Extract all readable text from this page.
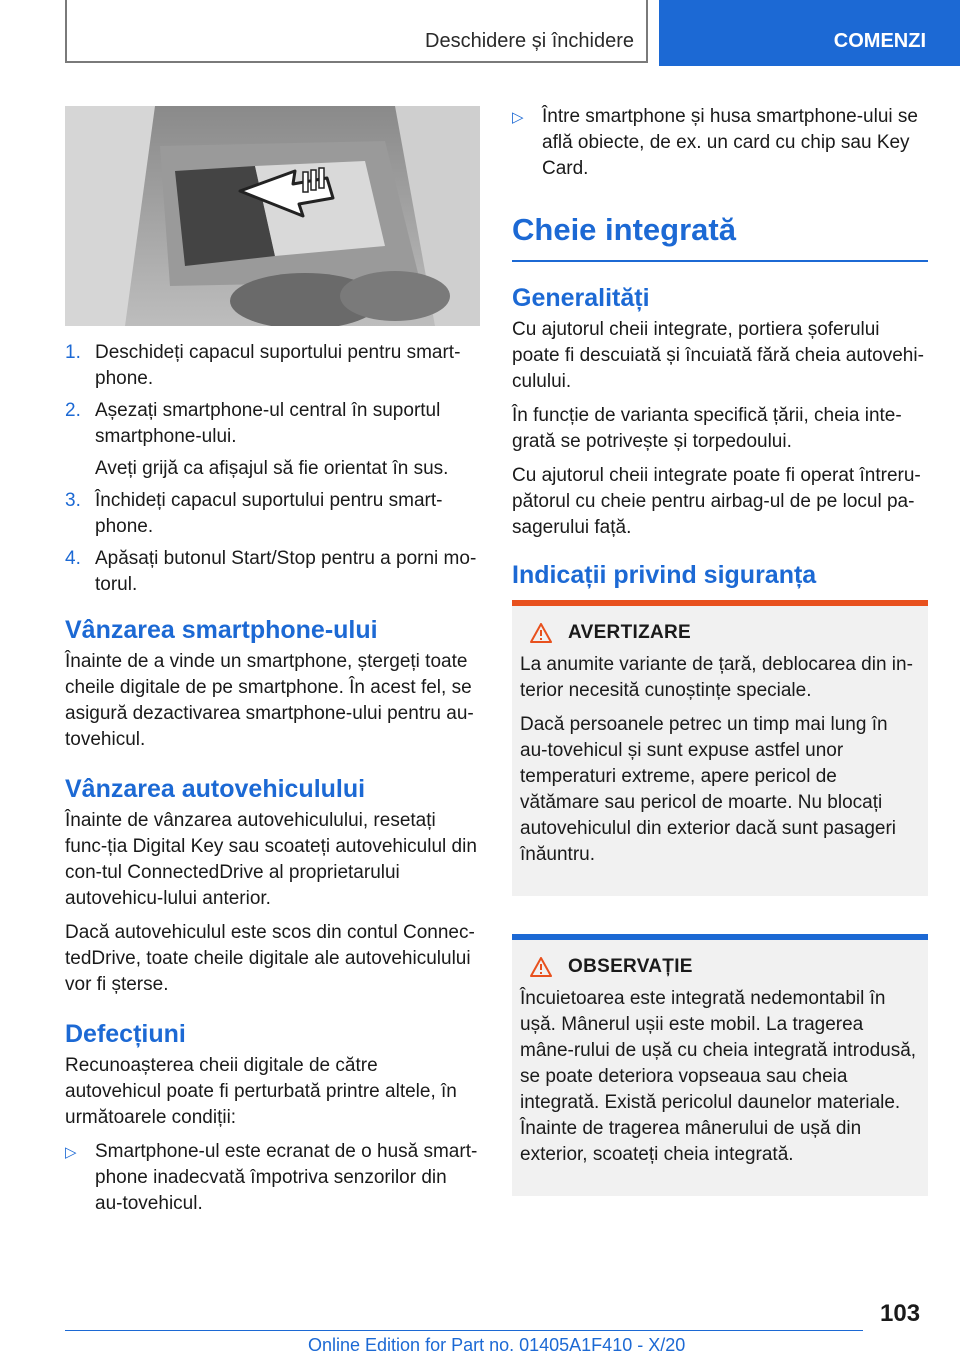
Deschidere și închidere	COMENZI
1. Deschideți capacul suportului pentru smart-phone.
2. Așezați smartphone-ul central în suportul smartphone-ului.
Aveți grijă ca afișajul să fie orientat în sus.
3. Închideți capacul suportului pentru smart-phone.
4. Apăsați butonul Start/Stop pentru a porni mo-torul.
Vânzarea smartphone-ului

Înainte de a vinde un smartphone, ștergeți toate cheile digitale de pe smartphone. În acest fel, se asigură dezactivarea smartphone-ului pentru au-tovehicul.

Vânzarea autovehiculului

Înainte de vânzarea autovehiculului, resetați func-ția Digital Key sau scoateți autovehiculul din con-tul ConnectedDrive al proprietarului autovehicu-lului anterior.

Dacă autovehiculul este scos din contul Connec-tedDrive, toate cheile digitale ale autovehiculului vor fi șterse.

Defecțiuni

Recunoașterea cheii digitale de către autovehicul poate fi perturbată printre altele, în următoarele condiții:

▷ Smartphone-ul este ecranat de o husă smart-phone inadecvată împotriva senzorilor din au-tovehicul.
▷ Între smartphone și husa smartphone-ului se află obiecte, de ex. un card cu chip sau Key Card.
Cheie integrată
Generalități

Cu ajutorul cheii integrate, portiera șoferului poate fi descuiată și încuiată fără cheia autovehi-culului.

În funcție de varianta specifică țării, cheia inte-grată se potrivește și torpedoului.

Cu ajutorul cheii integrate poate fi operat întreru-pătorul cu cheie pentru airbag-ul de pe locul pa-sagerului față.

Indicații privind siguranța
AVERTIZARE

La anumite variante de țară, deblocarea din in-terior necesită cunoștințe speciale.

Dacă persoanele petrec un timp mai lung în au-tovehicul și sunt expuse astfel unor temperaturi extreme, apere pericol de vătămare sau pericol de moarte. Nu blocați autovehiculul din exterior dacă sunt pasageri înăuntru.

OBSERVAȚIE

Încuietoarea este integrată nedemontabil în ușă. Mânerul ușii este mobil. La tragerea mâne-rului de ușă cu cheia integrată introdusă, se poate deteriora vopseaua sau cheia integrată. Există pericolul daunelor materiale. Înainte de tragerea mânerului de ușă din exterior, scoateți cheia integrată.

103
Online Edition for Part no. 01405A1F410 - X/20
